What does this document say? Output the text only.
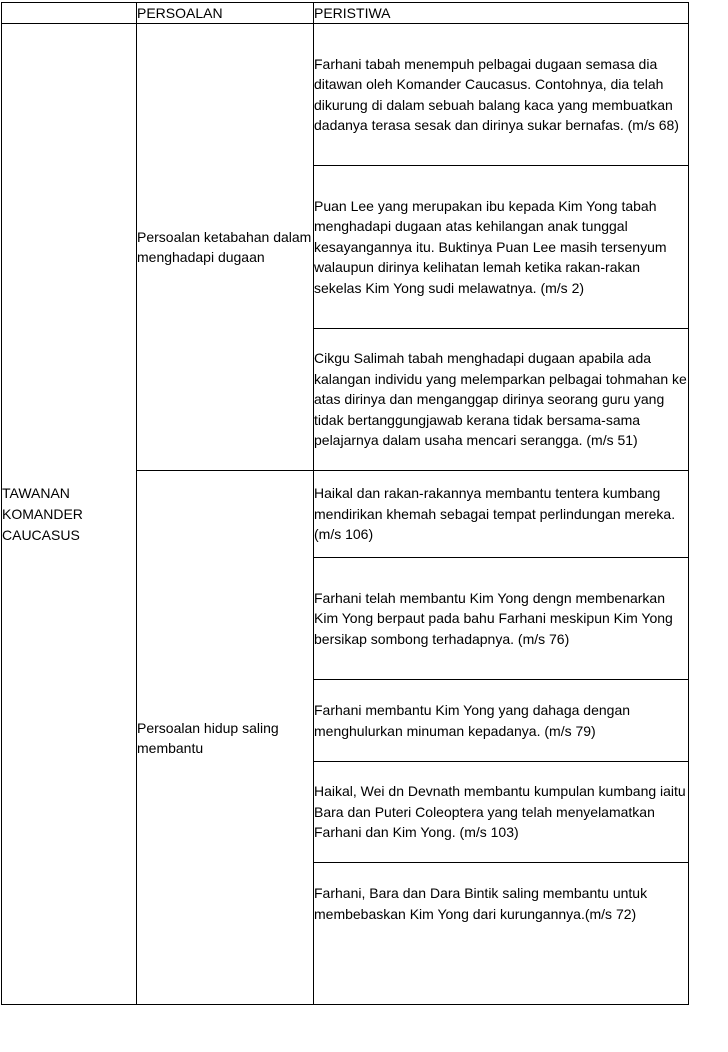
	PERSOALAN	PERISTIWA

TAWANAN KOMANDER CAUCASUS	Persoalan ketabahan dalam menghadapi dugaan	Farhani tabah menempuh pelbagai dugaan semasa dia ditawan oleh Komander Caucasus. Contohnya, dia telah dikurung di dalam sebuah balang kaca yang membuatkan dadanya terasa sesak dan dirinya sukar bernafas. (m/s 68)

		Puan Lee yang merupakan ibu kepada Kim Yong tabah menghadapi dugaan atas kehilangan anak tunggal kesayangannya itu. Buktinya Puan Lee masih tersenyum walaupun dirinya kelihatan lemah ketika rakan-rakan sekelas Kim Yong sudi melawatnya. (m/s 2)

		Cikgu Salimah tabah menghadapi dugaan apabila ada kalangan individu yang melemparkan pelbagai tohmahan ke atas dirinya dan menganggap dirinya seorang guru yang tidak bertanggungjawab kerana tidak bersama-sama pelajarnya dalam usaha mencari serangga. (m/s 51)

	Persoalan hidup saling membantu	Haikal dan rakan-rakannya membantu tentera kumbang mendirikan khemah sebagai tempat perlindungan mereka. (m/s 106)

		Farhani telah membantu Kim Yong dengn membenarkan Kim Yong berpaut pada bahu Farhani meskipun Kim Yong bersikap sombong terhadapnya. (m/s 76)

		Farhani membantu Kim Yong yang dahaga dengan menghulurkan minuman kepadanya. (m/s 79)

		Haikal, Wei dn Devnath membantu kumpulan kumbang iaitu Bara dan Puteri Coleoptera yang telah menyelamatkan Farhani dan Kim Yong. (m/s 103)

		Farhani, Bara dan Dara Bintik saling membantu untuk membebaskan Kim Yong dari kurungannya.(m/s 72)
